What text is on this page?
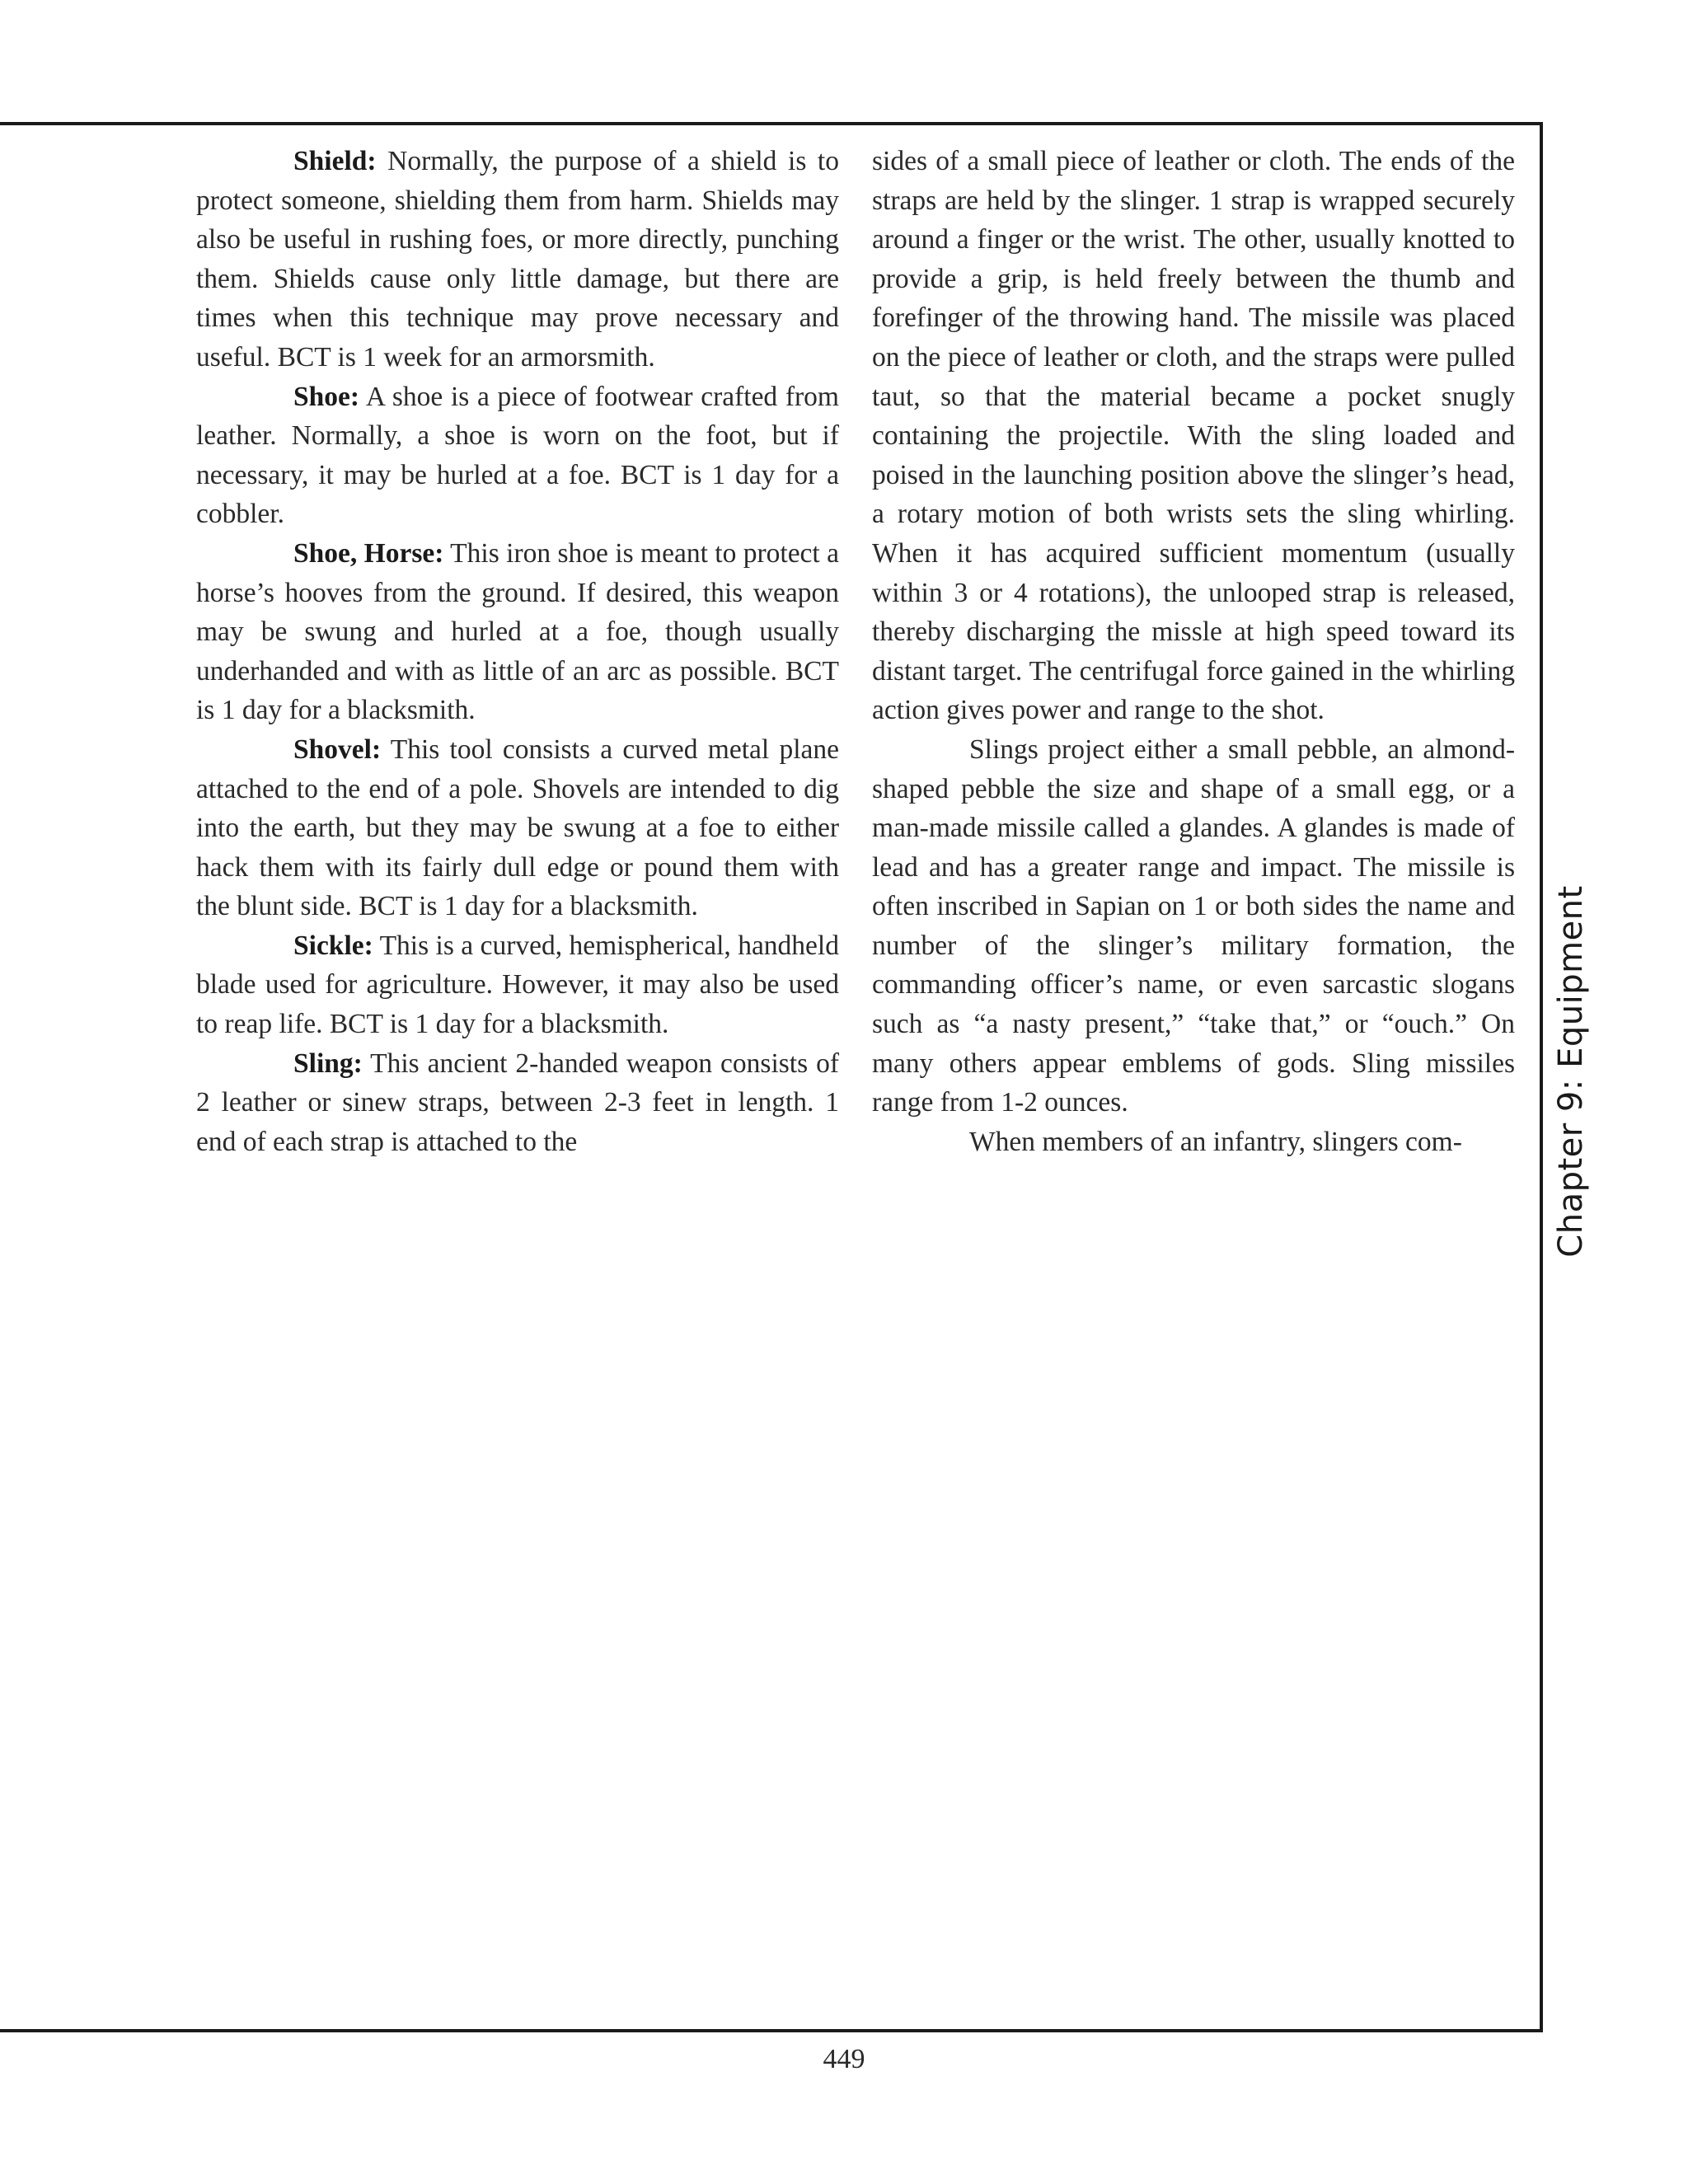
Shield: Normally, the purpose of a shield is to protect someone, shielding them from harm. Shields may also be useful in rushing foes, or more directly, punching them. Shields cause only little damage, but there are times when this technique may prove necessary and useful. BCT is 1 week for an armorsmith.

Shoe: A shoe is a piece of footwear crafted from leather. Normally, a shoe is worn on the foot, but if necessary, it may be hurled at a foe. BCT is 1 day for a cobbler.

Shoe, Horse: This iron shoe is meant to protect a horse’s hooves from the ground. If desired, this weapon may be swung and hurled at a foe, though usually underhanded and with as little of an arc as possible. BCT is 1 day for a blacksmith.

Shovel: This tool consists a curved metal plane attached to the end of a pole. Shovels are intended to dig into the earth, but they may be swung at a foe to either hack them with its fairly dull edge or pound them with the blunt side. BCT is 1 day for a blacksmith.

Sickle: This is a curved, hemispherical, handheld blade used for agriculture. However, it may also be used to reap life. BCT is 1 day for a blacksmith.

Sling: This ancient 2-handed weapon consists of 2 leather or sinew straps, between 2-3 feet in length. 1 end of each strap is attached to the

sides of a small piece of leather or cloth. The ends of the straps are held by the slinger. 1 strap is wrapped securely around a finger or the wrist. The other, usually knotted to provide a grip, is held freely between the thumb and forefinger of the throwing hand. The missile was placed on the piece of leather or cloth, and the straps were pulled taut, so that the material became a pocket snugly containing the projectile. With the sling loaded and poised in the launching position above the slinger’s head, a rotary motion of both wrists sets the sling whirling. When it has acquired sufficient momentum (usually within 3 or 4 rotations), the unlooped strap is released, thereby discharging the missle at high speed toward its distant target. The centrifugal force gained in the whirling action gives power and range to the shot.

Slings project either a small pebble, an almond-shaped pebble the size and shape of a small egg, or a man-made missile called a glandes. A glandes is made of lead and has a greater range and impact. The missile is often inscribed in Sapian on 1 or both sides the name and number of the slinger’s military formation, the commanding officer’s name, or even sarcastic slogans such as “a nasty present,” “take that,” or “ouch.” On many others appear emblems of gods. Sling missiles range from 1-2 ounces.

When members of an infantry, slingers com-	Chapter 9: Equipment
449
